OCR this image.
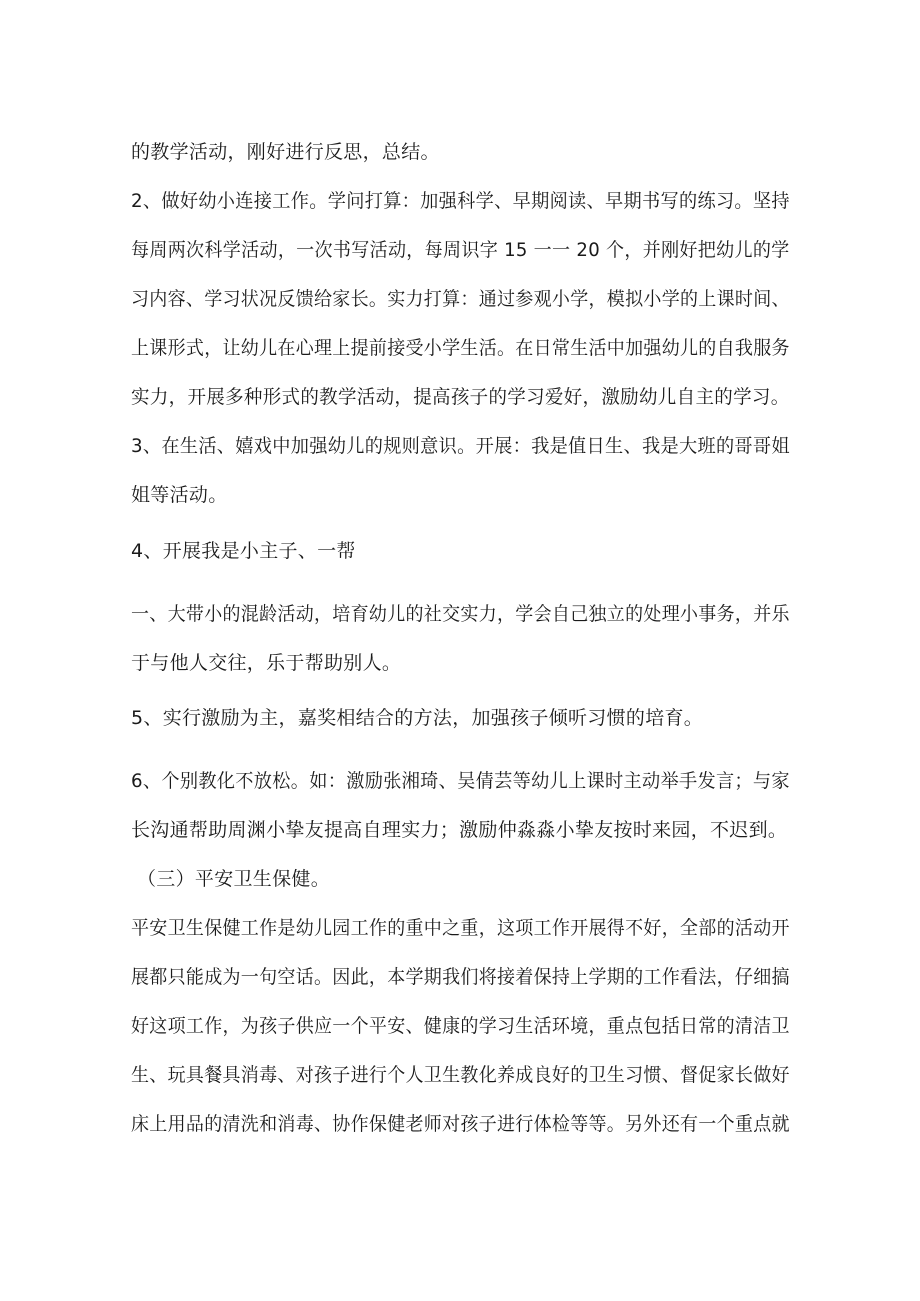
的教学活动，刚好进行反思，总结。
2、做好幼小连接工作。学问打算：加强科学、早期阅读、早期书写的练习。坚持
每周两次科学活动，一次书写活动，每周识字 15 一一 20 个，并刚好把幼儿的学
习内容、学习状况反馈给家长。实力打算：通过参观小学，模拟小学的上课时间、
上课形式，让幼儿在心理上提前接受小学生活。在日常生活中加强幼儿的自我服务
实力，开展多种形式的教学活动，提高孩子的学习爱好，激励幼儿自主的学习。
3、在生活、嬉戏中加强幼儿的规则意识。开展：我是值日生、我是大班的哥哥姐
姐等活动。
4、开展我是小主子、一帮
一、大带小的混龄活动，培育幼儿的社交实力，学会自己独立的处理小事务，并乐
于与他人交往，乐于帮助别人。
5、实行激励为主，嘉奖相结合的方法，加强孩子倾听习惯的培育。
6、个别教化不放松。如：激励张湘琦、吴倩芸等幼儿上课时主动举手发言；与家
长沟通帮助周渊小挚友提高自理实力；激励仲淼淼小挚友按时来园，不迟到。
（三）平安卫生保健。
平安卫生保健工作是幼儿园工作的重中之重，这项工作开展得不好，全部的活动开
展都只能成为一句空话。因此，本学期我们将接着保持上学期的工作看法，仔细搞
好这项工作，为孩子供应一个平安、健康的学习生活环境，重点包括日常的清洁卫
生、玩具餐具消毒、对孩子进行个人卫生教化养成良好的卫生习惯、督促家长做好
床上用品的清洗和消毒、协作保健老师对孩子进行体检等等。另外还有一个重点就
